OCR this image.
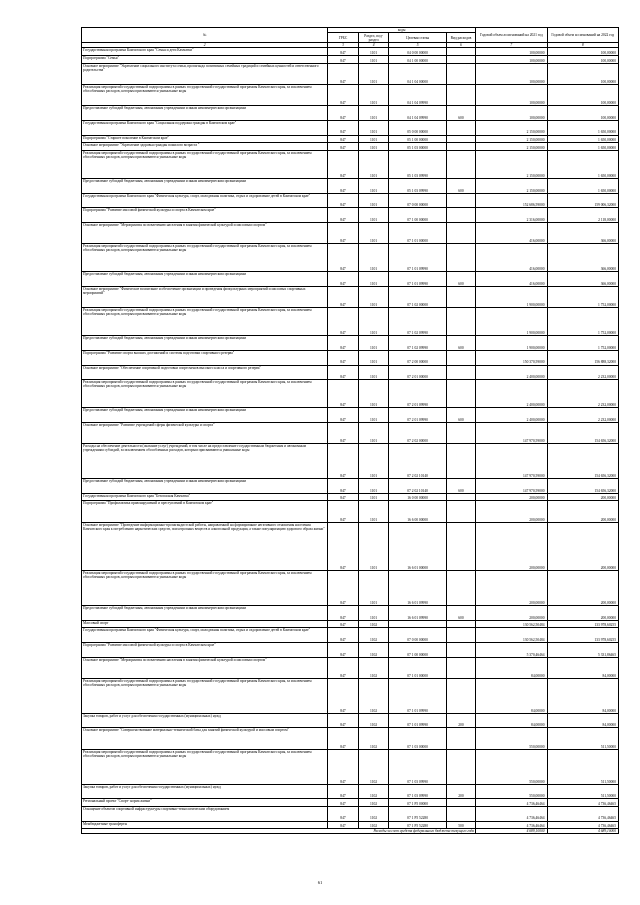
№	коды				Годовой объем ассигнований на 2021 год	Годовой объем ассигнований на 2022 год
	ГРБС	Раздел, под-раздел	Целевая статья	Вид расходов		
2	3	4	5	6	7	8
Государственная программа Камчатского края "Семья и дети Камчатки"	847	1101	04 0 00 00000		100,00000	100,00000
Подпрограмма "Семья"	847	1101	04 1 00 00000		100,00000	100,00000
Основное мероприятие "Укрепление социального института семьи, пропаганда позитивных семейных традиций и семейных ценностей и ответственного родительства"	847	1101	04 1 04 00000		100,00000	100,00000
Реализация мероприятий государственной подпрограммы в рамках государственной государственной программы Камчатского края, за исключением обособленных расходов, которым присваиваются уникальные коды	847	1101	04 1 04 09990		100,00000	100,00000
Предоставление субсидий бюджетным, автономным учреждениям и иным некоммерческим организациям	847	1101	04 1 04 09990	600	100,00000	100,00000
Государственная программа Камчатского края "Социальная поддержка граждан в Камчатском крае"	847	1101	05 0 00 00000		2 150,00000	1 650,00000
Подпрограмма "Старшее поколение в Камчатском крае"	847	1101	05 1 00 00000		2 150,00000	1 650,00000
Основное мероприятие "Укрепление здоровья граждан пожилого возраста "	847	1101	05 1 03 00000		2 150,00000	1 650,00000
Реализация мероприятий государственной подпрограммы в рамках государственной государственной программы Камчатского края, за исключением обособленных расходов, которым присваиваются уникальные коды	847	1101	05 1 03 09990		2 150,00000	1 650,00000
Предоставление субсидий бюджетным, автономным учреждениям и иным некоммерческим организациям	847	1101	05 1 03 09990	600	2 150,00000	1 650,00000
Государственная программа Камчатского края "Физическая культура, спорт, молодежная политика, отдых и оздоровление детей в Камчатском крае"	847	1101	07 0 00 00000		152 686,59000	159 006,32000
Подпрограмма "Развитие массовой физической культуры и спорта в Камчатском крае"	847	1101	07 1 00 00000		2 316,00000	2 118,00000
Основное мероприятие "Мероприятия по вовлечению населения в занятия физической культурой и массовым спортом"	847	1101	07 1 01 00000		416,00000	366,00000
Реализация мероприятий государственной подпрограммы в рамках государственной государственной программы Камчатского края, за исключением обособленных расходов, которым присваиваются уникальные коды	847	1101	07 1 01 09990		416,00000	366,00000
Предоставление субсидий бюджетным, автономным учреждениям и иным некоммерческим организациям	847	1101	07 1 01 09990	600	416,00000	366,00000
Основное мероприятие "Физическое воспитание и обеспечение организации и проведения физкультурных мероприятий и массовых спортивных мероприятий"	847	1101	07 1 02 00000		1 900,00000	1 752,00000
Реализация мероприятий государственной подпрограммы в рамках государственной государственной программы Камчатского края, за исключением обособленных расходов, которым присваиваются уникальные коды	847	1101	07 1 02 09990		1 900,00000	1 752,00000
Предоставление субсидий бюджетным, автономным учреждениям и иным некоммерческим организациям	847	1101	07 1 02 09990	600	1 900,00000	1 752,00000
Подпрограмма "Развитие спорта высших достижений и системы подготовки спортивного резерва"	847	1101	07 2 00 00000		150 370,59000	156 888,32000
Основное мероприятие "Обеспечение спортивной подготовки спортсменов высокого класса и спортивного резерва"	847	1101	07 2 01 00000		2 400,00000	2 232,00000
Реализация мероприятий государственной подпрограммы в рамках государственной государственной программы Камчатского края, за исключением обособленных расходов, которым присваиваются уникальные коды	847	1101	07 2 01 09990		2 400,00000	2 232,00000
Предоставление субсидий бюджетным, автономным учреждениям и иным некоммерческим организациям	847	1101	07 2 01 09990	600	2 400,00000	2 232,00000
Основное мероприятие "Развитие учреждений сферы физической культуры и спорта"	847	1101	07 2 02 00000		147 970,59000	154 656,32000
Расходы на обеспечение деятельности (оказание услуг) учреждений, в том числе на предоставление государственным бюджетным и автономным учреждениям субсидий, за исключением обособленных расходов, которым присваиваются уникальные коды	847	1101	07 2 02 10140		147 970,59000	154 656,32000
Предоставление субсидий бюджетным, автономным учреждениям и иным некоммерческим организациям	847	1101	07 2 02 10140	600	147 970,59000	154 656,32000
Государственная программа Камчатского края "Безопасная Камчатка"	847	1101	16 0 00 00000		200,00000	200,00000
Подпрограмма "Профилактика правонарушений и преступлений в Камчатском крае"	847	1101	16 6 00 00000		200,00000	200,00000
Основное мероприятие "Проведение информационно-пропагандистской работы, направленной на формирование негативного отношения населения Камчатского края к потреблению наркотических средств, психотропных веществ и алкогольной продукции, а также популяризацию здорового образа жизни"	847	1101	16 6 01 00000		200,00000	200,00000
Реализация мероприятий государственной подпрограммы в рамках государственной государственной программы Камчатского края, за исключением обособленных расходов, которым присваиваются уникальные коды	847	1101	16 6 01 09990		200,00000	200,00000
Предоставление субсидий бюджетным, автономным учреждениям и иным некоммерческим организациям	847	1101	16 6 01 09990	600	200,00000	200,00000
Массовый спорт	847	1102			130 562,50484	133 978,60255
Государственная программа Камчатского края "Физическая культура, спорт, молодежная политика, отдых и оздоровление детей в Камчатском крае"	847	1102	07 0 00 00000		130 562,50484	133 978,60255
Подпрограмма "Развитие массовой физической культуры и спорта в Камчатском крае"	847	1102	07 1 00 00000		5 370,46464	5 331,86465
Основное мероприятие "Мероприятия по вовлечению населения в занятия физической культурой и массовым спортом"	847	1102	07 1 01 00000		84,00000	84,00000
Реализация мероприятий государственной подпрограммы в рамках государственной государственной программы Камчатского края, за исключением обособленных расходов, которым присваиваются уникальные коды	847	1102	07 1 01 09990		84,00000	84,00000
Закупка товаров, работ и услуг для обеспечения государственных (муниципальных) нужд	847	1102	07 1 01 09990	200	84,00000	84,00000
Основное мероприятие "Совершенствование материально-технической базы для занятий физической культурой и массовым спортом"	847	1102	07 1 03 00000		550,00000	511,50000
Реализация мероприятий государственной подпрограммы в рамках государственной государственной программы Камчатского края, за исключением обособленных расходов, которым присваиваются уникальные коды	847	1102	07 1 03 09990		550,00000	511,50000
Закупка товаров, работ и услуг для обеспечения государственных (муниципальных) нужд	847	1102	07 1 03 09990	200	550,00000	511,50000
Региональный проект "Спорт- норма жизни"	847	1102	07 1 P5 00000		4 736,46464	4 736,46465
Оснащение объектов спортивной инфраструктуры спортивно-технологическим оборудованием	847	1102	07 1 P5 52280		4 736,46464	4 736,46465
Межбюджетные трансферты	847	1102	07 1 P5 52280	500	4 736,46464	4 736,46465
Расходы за счет средств федерального бюджета текущего года					4 689,10000	4 689,10000
61
